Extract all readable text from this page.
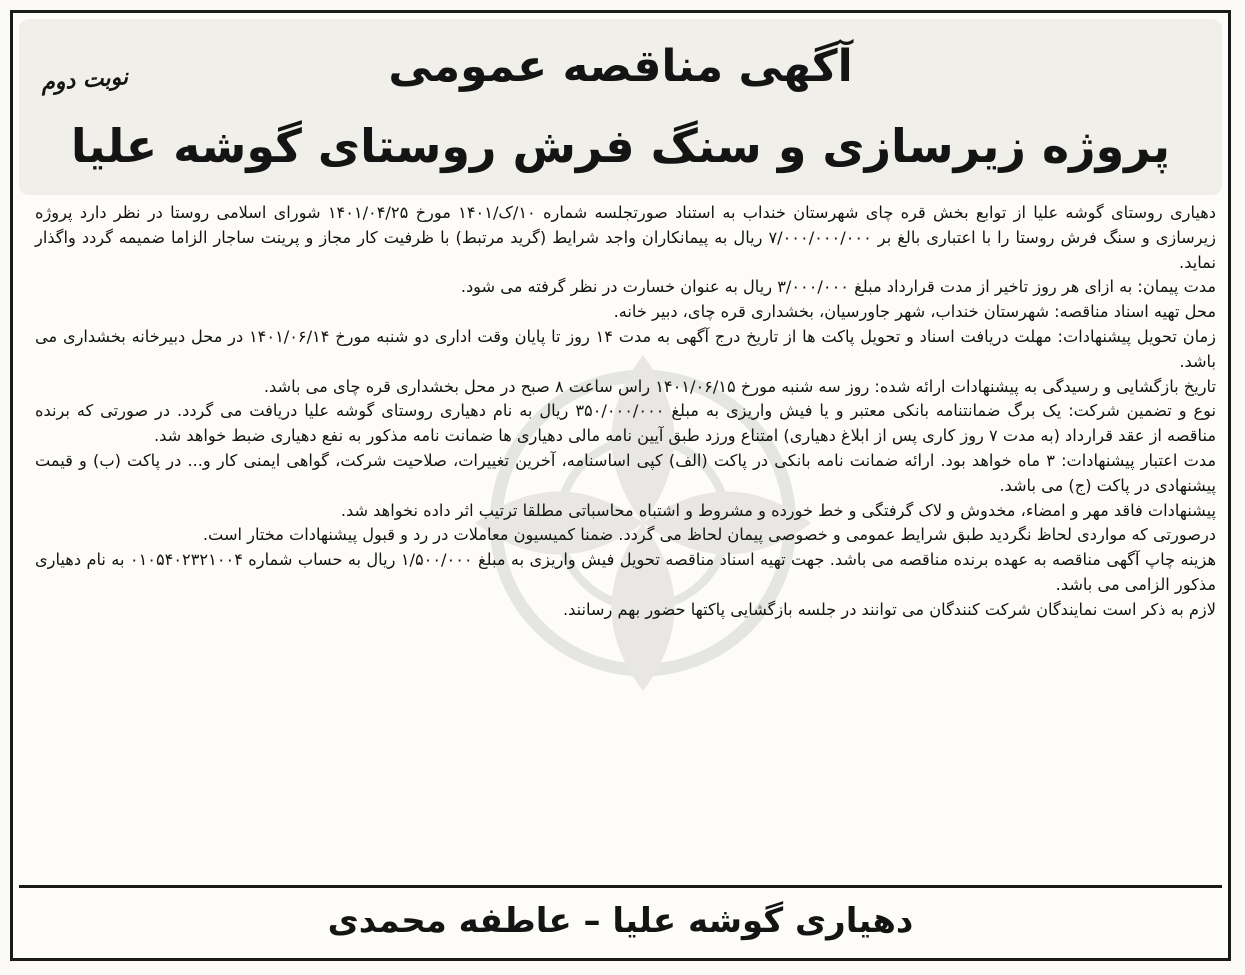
نوبت دوم	آگهی مناقصه عمومی
پروژه زیرسازی و سنگ فرش روستای گوشه علیا

دهیاری روستای گوشه علیا از توابع بخش قره چای شهرستان خنداب به استناد صورتجلسه شماره ۱۰/ک/۱۴۰۱ مورخ ۱۴۰۱/۰۴/۲۵ شورای اسلامی روستا در نظر دارد پروژه زیرسازی و سنگ فرش روستا را با اعتباری بالغ بر ۷/۰۰۰/۰۰۰/۰۰۰ ریال به پیمانکاران واجد شرایط (گرید مرتبط) با ظرفیت کار مجاز و پرینت ساجار الزاما ضمیمه گردد واگذار نماید.

مدت پیمان: به ازای هر روز تاخیر از مدت قرارداد مبلغ ۳/۰۰۰/۰۰۰ ریال به عنوان خسارت در نظر گرفته می شود.

محل تهیه اسناد مناقصه: شهرستان خنداب، شهر جاورسیان، بخشداری قره چای، دبیر خانه.

زمان تحویل پیشنهادات: مهلت دریافت اسناد و تحویل پاکت ها از تاریخ درج آگهی به مدت ۱۴ روز تا پایان وقت اداری دو شنبه مورخ ۱۴۰۱/۰۶/۱۴ در محل دبیرخانه بخشداری می باشد.

تاریخ بازگشایی و رسیدگی به پیشنهادات ارائه شده: روز سه شنبه مورخ ۱۴۰۱/۰۶/۱۵ راس ساعت ۸ صبح در محل بخشداری قره چای می باشد.

نوع و تضمین شرکت: یک برگ ضمانتنامه بانکی معتبر و یا فیش واریزی به مبلغ ۳۵۰/۰۰۰/۰۰۰ ریال به نام دهیاری روستای گوشه علیا دریافت می گردد. در صورتی که برنده مناقصه از عقد قرارداد (به مدت ۷ روز کاری پس از ابلاغ دهیاری) امتناع ورزد طبق آیین نامه مالی دهیاری ها ضمانت نامه مذکور به نفع دهیاری ضبط خواهد شد.

مدت اعتبار پیشنهادات: ۳ ماه خواهد بود. ارائه ضمانت نامه بانکی در پاکت (الف) کپی اساسنامه، آخرین تغییرات، صلاحیت شرکت، گواهی ایمنی کار و... در پاکت (ب) و قیمت پیشنهادی در پاکت (ج) می باشد.

پیشنهادات فاقد مهر و امضاء، مخدوش و لاک گرفتگی و خط خورده و مشروط و اشتباه محاسباتی مطلقا ترتیب اثر داده نخواهد شد.

درصورتی که مواردی لحاظ نگردید طبق شرایط عمومی و خصوصی پیمان لحاظ می گردد. ضمنا کمیسیون معاملات در رد و قبول پیشنهادات مختار است.

هزینه چاپ آگهی مناقصه به عهده برنده مناقصه می باشد. جهت تهیه اسناد مناقصه تحویل فیش واریزی به مبلغ ۱/۵۰۰/۰۰۰ ریال به حساب شماره ۰۱۰۵۴۰۲۳۲۱۰۰۴ به نام دهیاری مذکور الزامی می باشد.

لازم به ذکر است نمایندگان شرکت کنندگان می توانند در جلسه بازگشایی پاکتها حضور بهم رسانند.

دهیاری گوشه علیا – عاطفه محمدی
